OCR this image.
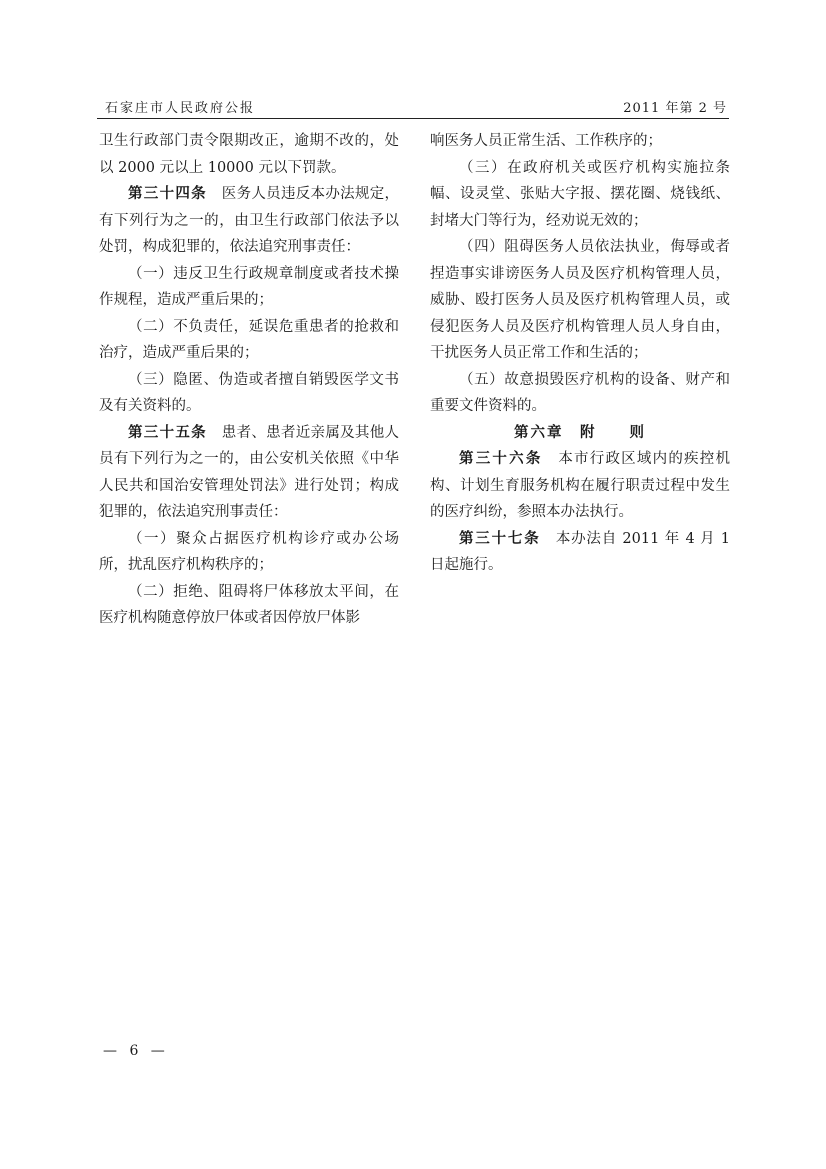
石家庄市人民政府公报	2011 年第 2 号

卫生行政部门责令限期改正，逾期不改的，处以 2000 元以上 10000 元以下罚款。

第三十四条　 医务人员违反本办法规定，有下列行为之一的，由卫生行政部门依法予以处罚，构成犯罪的，依法追究刑事责任：

（一）违反卫生行政规章制度或者技术操作规程，造成严重后果的；

（二）不负责任，延误危重患者的抢救和治疗，造成严重后果的；

（三）隐匿、伪造或者擅自销毁医学文书及有关资料的。

第三十五条　 患者、患者近亲属及其他人员有下列行为之一的，由公安机关依照《中华人民共和国治安管理处罚法》进行处罚；构成犯罪的，依法追究刑事责任：

（一）聚众占据医疗机构诊疗或办公场所，扰乱医疗机构秩序的；

（二）拒绝、阻碍将尸体移放太平间，在医疗机构随意停放尸体或者因停放尸体影

响医务人员正常生活、工作秩序的；

（三）在政府机关或医疗机构实施拉条幅、设灵堂、张贴大字报、摆花圈、烧钱纸、封堵大门等行为，经劝说无效的；

（四）阻碍医务人员依法执业，侮辱或者捏造事实诽谤医务人员及医疗机构管理人员，威胁、殴打医务人员及医疗机构管理人员，或侵犯医务人员及医疗机构管理人员人身自由，干扰医务人员正常工作和生活的；

（五）故意损毁医疗机构的设备、财产和重要文件资料的。

第六章　附　　则

第三十六条　 本市行政区域内的疾控机构、计划生育服务机构在履行职责过程中发生的医疗纠纷，参照本办法执行。

第三十七条　 本办法自 2011 年 4 月 1 日起施行。

— 6 —
